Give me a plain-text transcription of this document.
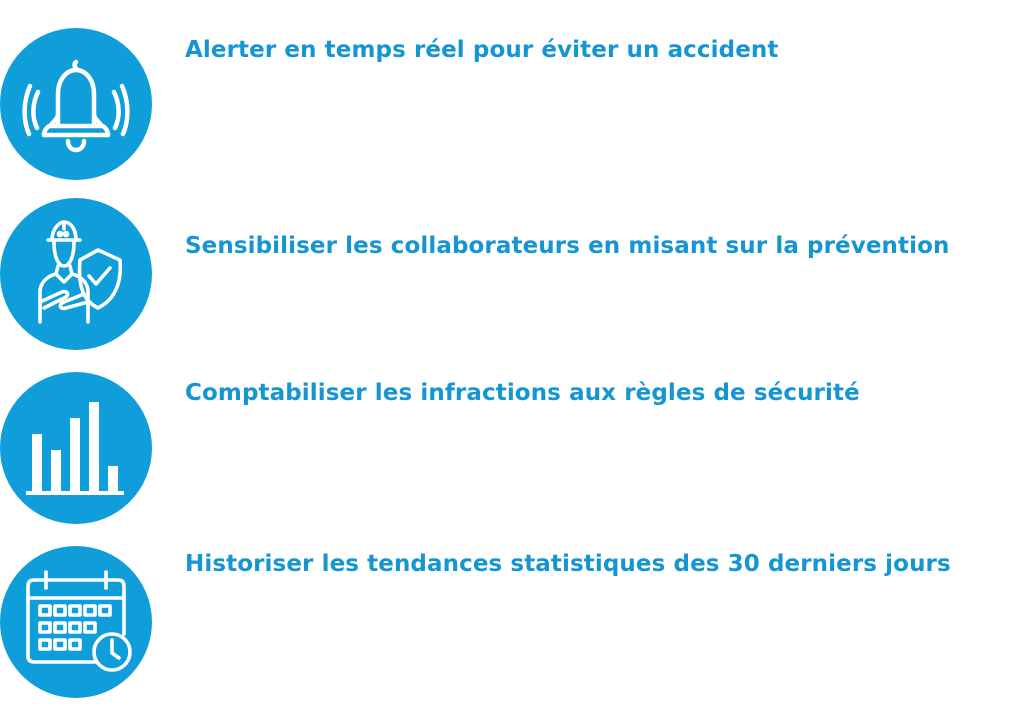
Alerter en temps réel pour éviter un accident

Sensibiliser les collaborateurs en misant sur la prévention

Comptabiliser les infractions aux règles de sécurité

Historiser les tendances statistiques des 30 derniers jours
